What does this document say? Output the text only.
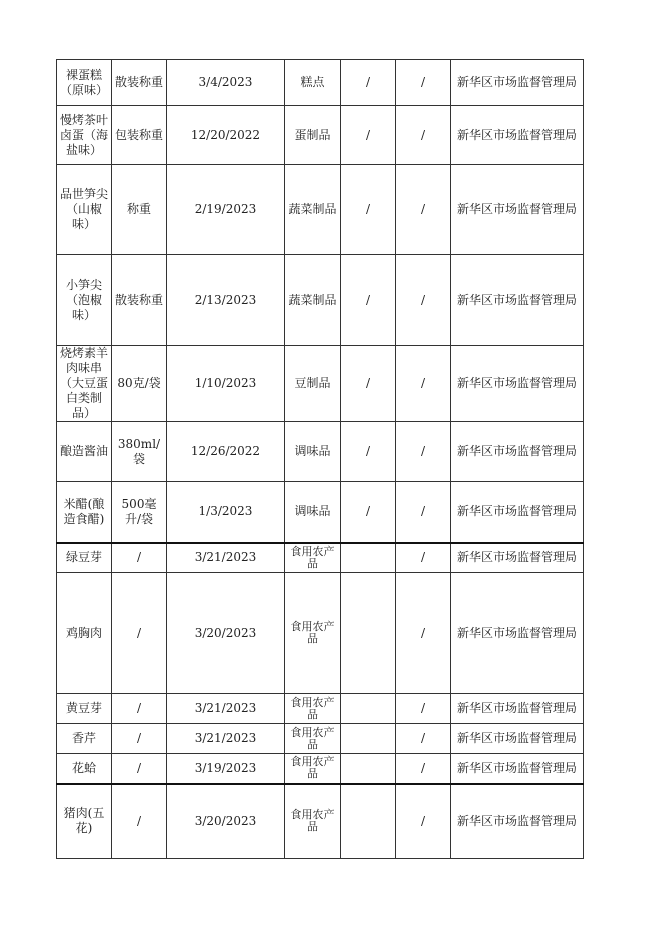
裸蛋糕（原味）	散装称重	3/4/2023	糕点	/	/	新华区市场监督管理局
慢烤茶叶卤蛋（海盐味）	包装称重	12/20/2022	蛋制品	/	/	新华区市场监督管理局
品世笋尖（山椒味）	称重	2/19/2023	蔬菜制品	/	/	新华区市场监督管理局
小笋尖（泡椒味）	散装称重	2/13/2023	蔬菜制品	/	/	新华区市场监督管理局
烧烤素羊肉味串（大豆蛋白类制品）	80克/袋	1/10/2023	豆制品	/	/	新华区市场监督管理局
酿造酱油	380ml/袋	12/26/2022	调味品	/	/	新华区市场监督管理局
米醋(酿造食醋)	500毫升/袋	1/3/2023	调味品	/	/	新华区市场监督管理局
绿豆芽	/	3/21/2023	食用农产品		/	新华区市场监督管理局
鸡胸肉	/	3/20/2023	食用农产品		/	新华区市场监督管理局
黄豆芽	/	3/21/2023	食用农产品		/	新华区市场监督管理局
香芹	/	3/21/2023	食用农产品		/	新华区市场监督管理局
花蛤	/	3/19/2023	食用农产品		/	新华区市场监督管理局
猪肉(五花)	/	3/20/2023	食用农产品		/	新华区市场监督管理局
